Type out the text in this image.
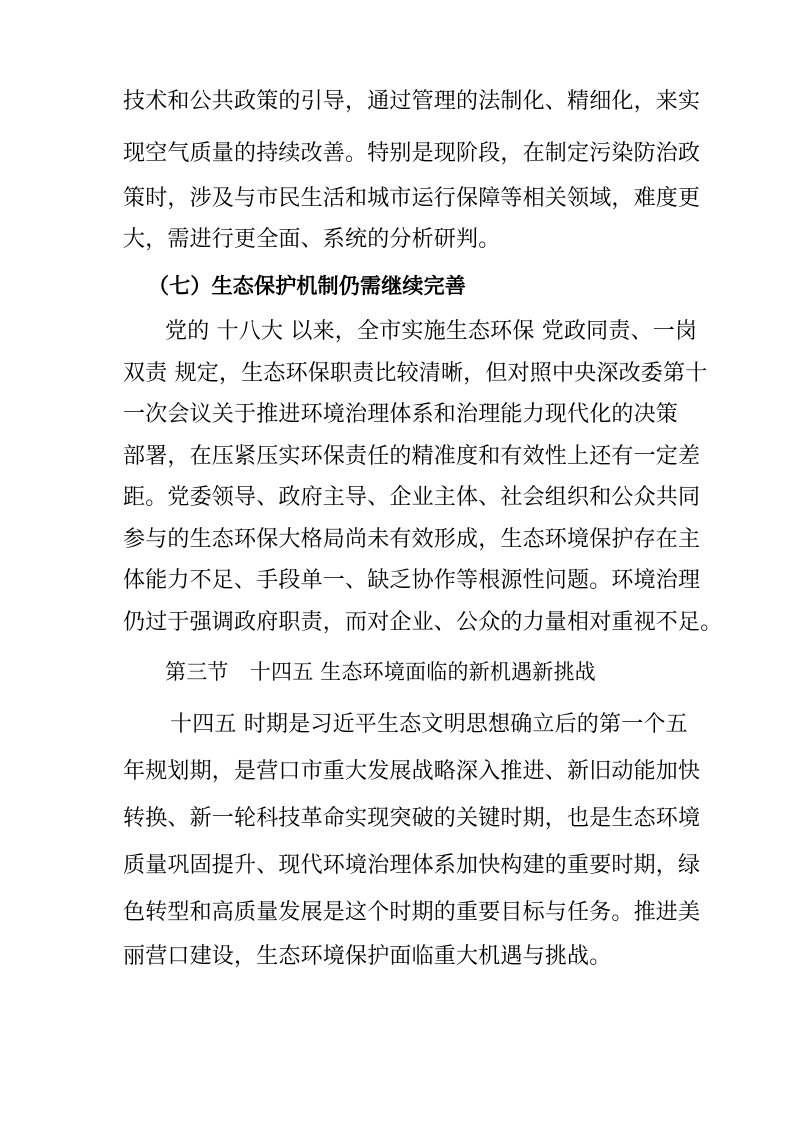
技术和公共政策的引导，通过管理的法制化、精细化，来实
现空气质量的持续改善。特别是现阶段，在制定污染防治政
策时，涉及与市民生活和城市运行保障等相关领域，难度更
大，需进行更全面、系统的分析研判。
（七）生态保护机制仍需继续完善
党的 十八大 以来，全市实施生态环保 党政同责、一岗
双责 规定，生态环保职责比较清晰，但对照中央深改委第十
一次会议关于推进环境治理体系和治理能力现代化的决策
部署，在压紧压实环保责任的精准度和有效性上还有一定差
距。党委领导、政府主导、企业主体、社会组织和公众共同
参与的生态环保大格局尚未有效形成，生态环境保护存在主
体能力不足、手段单一、缺乏协作等根源性问题。环境治理
仍过于强调政府职责，而对企业、公众的力量相对重视不足。
第三节　十四五 生态环境面临的新机遇新挑战
十四五 时期是习近平生态文明思想确立后的第一个五
年规划期，是营口市重大发展战略深入推进、新旧动能加快
转换、新一轮科技革命实现突破的关键时期，也是生态环境
质量巩固提升、现代环境治理体系加快构建的重要时期，绿
色转型和高质量发展是这个时期的重要目标与任务。推进美
丽营口建设，生态环境保护面临重大机遇与挑战。
